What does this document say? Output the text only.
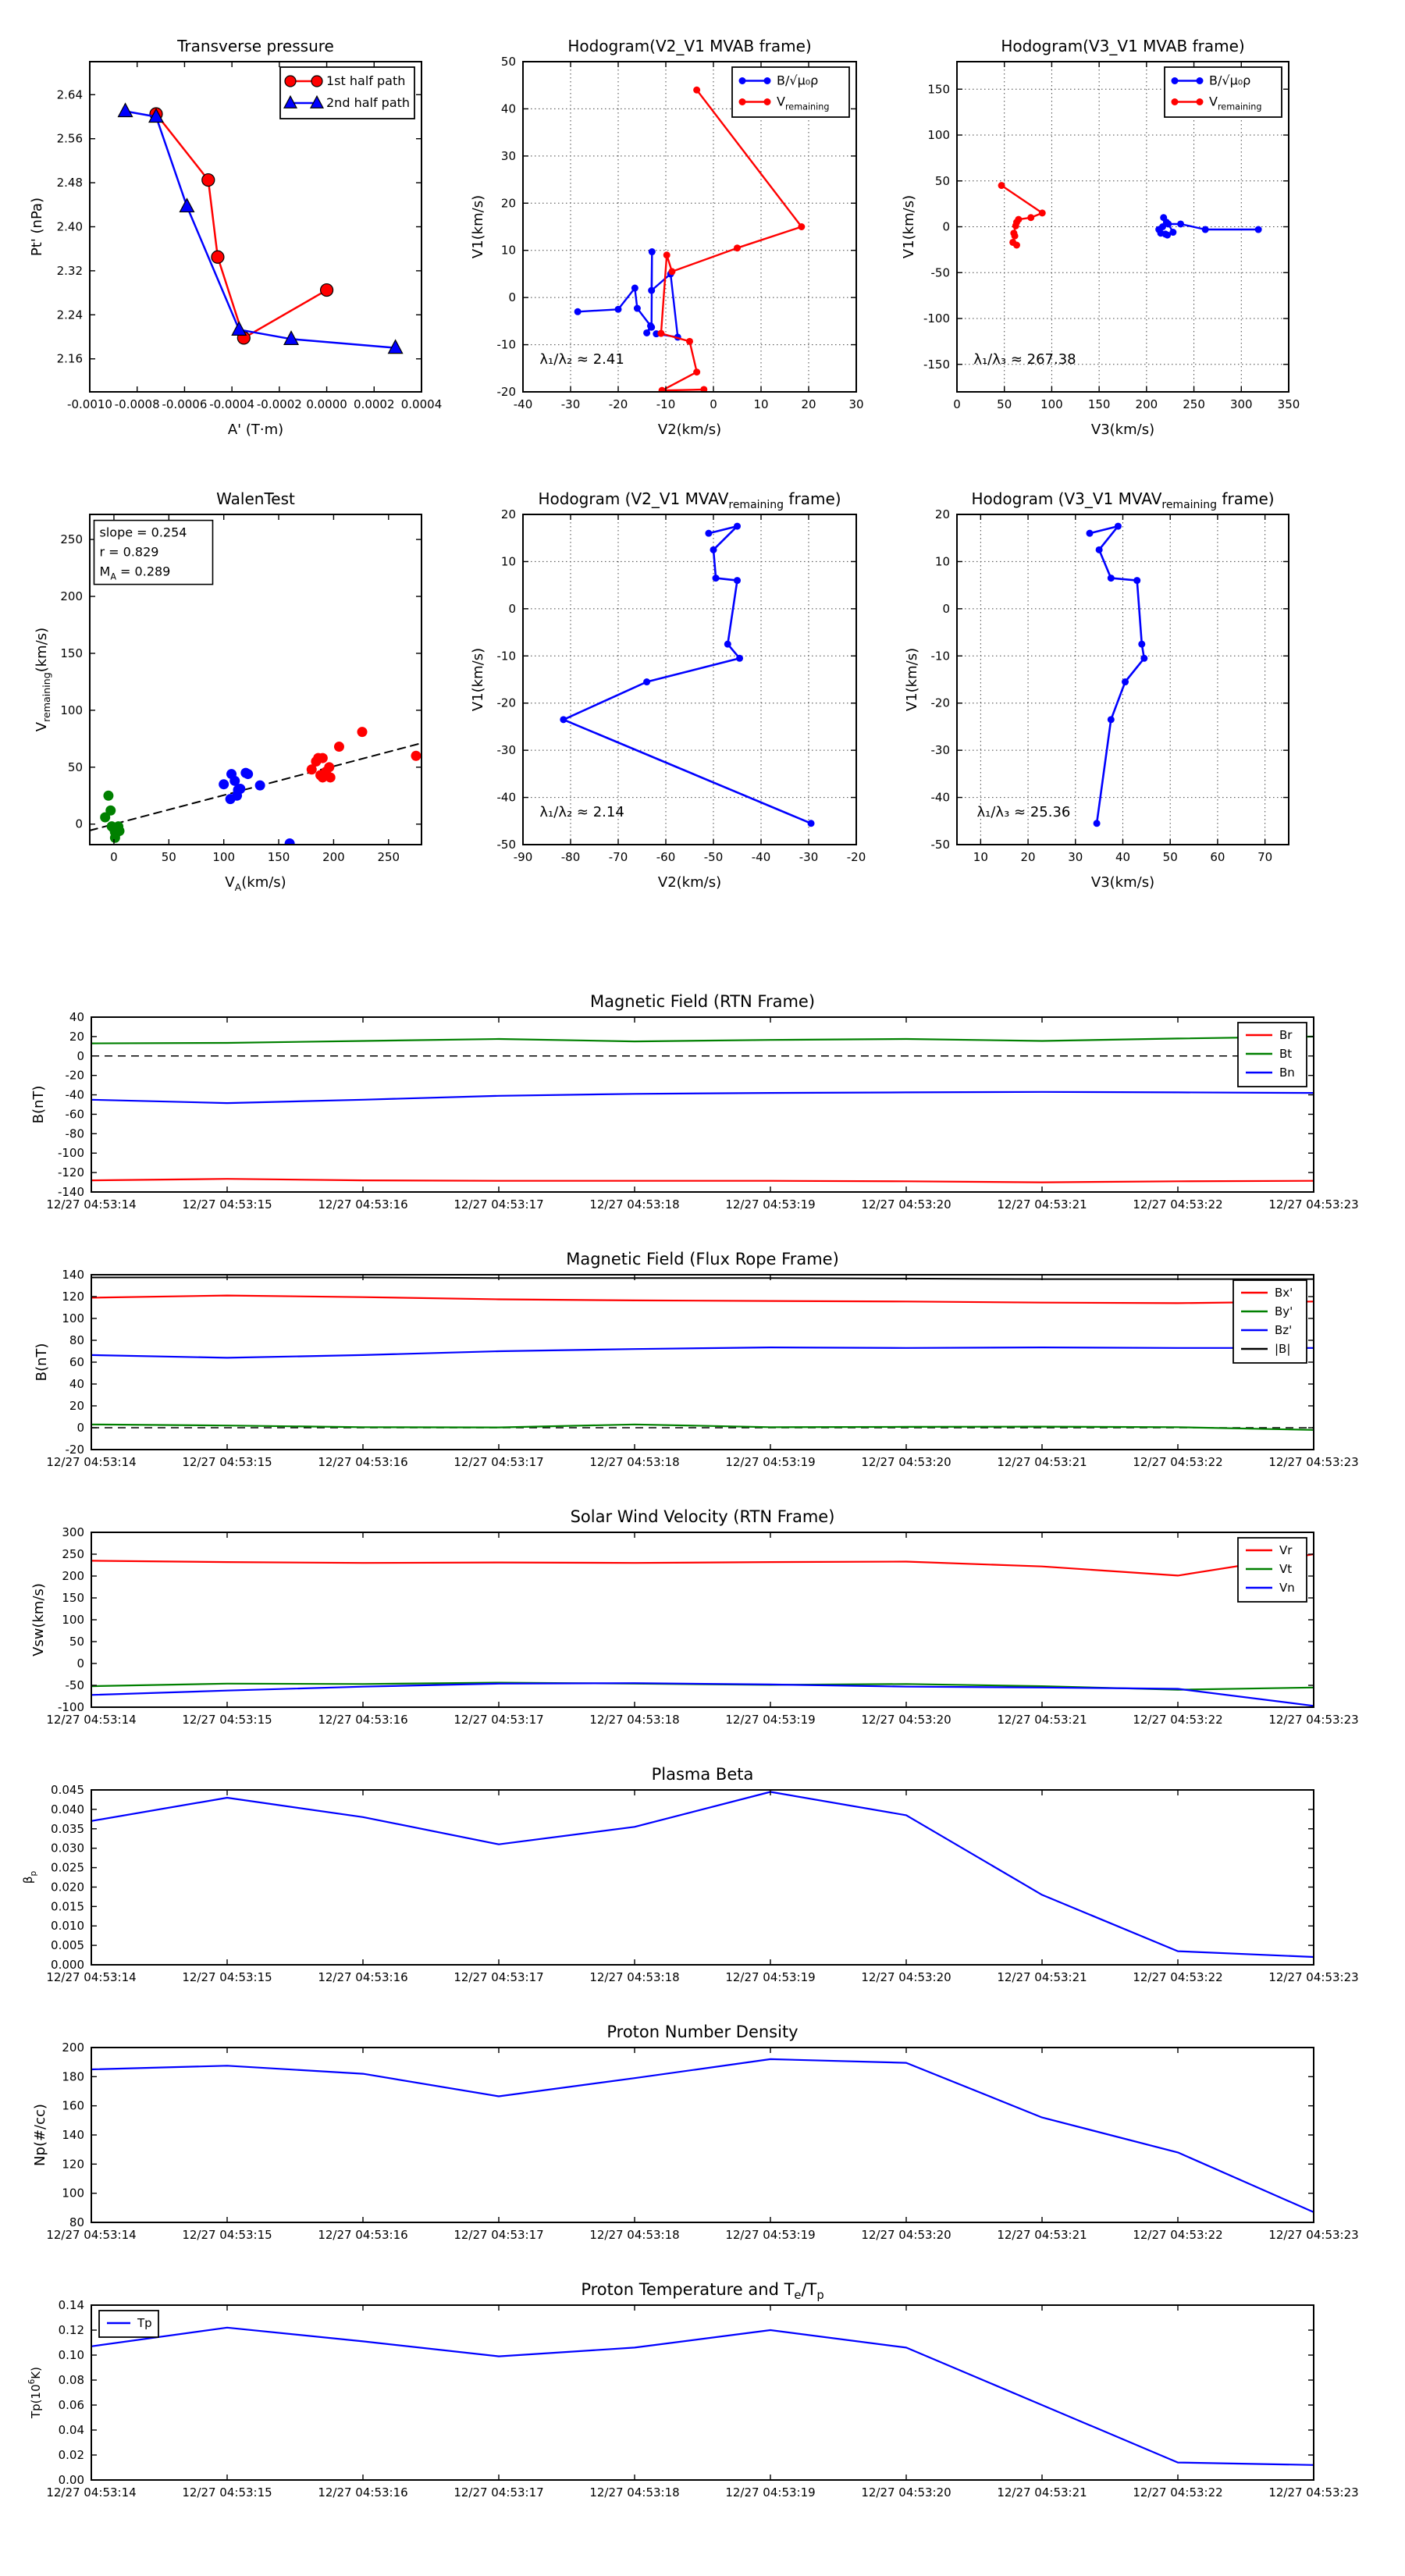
-0.0010 -0.0008 -0.0006 -0.0004 -0.0002 0.0000 0.0002 0.0004
2.16
2.24
2.32
2.40
2.48
2.56
2.64
Transverse pressure
A' (T·m)
Pt' (nPa)
1st half path
2nd half path
-40 -30 -20 -10	0	10	20	30
-20
-10
0
10
20
30
40
50
Hodogram(V2_V1 MVAB frame)
V2(km/s)
V1(km/s)
B/√μ₀ρ
$V_{remaining}$
λ₁/λ₂ ≈ 2.41
0	50 100 150 200 250 300 350
-150
-100
-50
0
50
100
150
Hodogram(V3_V1 MVAB frame)
V3(km/s)
V1(km/s)
B/√μ₀ρ
$V_{remaining}$
λ₁/λ₃ ≈ 267.38
0	50	100	150	200	250
0
50
100
150
200
250
WalenTest
$V_A(km/s)$
$V_{remaining}(km/s)$
slope = 0.254
r = 0.829
$M_A = 0.289$
-90 -80 -70 -60 -50 -40 -30 -20
-50
-40
-30
-20
-10
0
10
20
Hodogram (V2_V1 $MVAV_{remaining}$ frame)
V2(km/s)
V1(km/s)
λ₁/λ₂ ≈ 2.14
10	20	30	40	50	60	70
-50
-40
-30
-20
-10
0
10
20
Hodogram (V3_V1 $MVAV_{remaining}$ frame)
V3(km/s)
V1(km/s)
λ₁/λ₃ ≈ 25.36
12/27 04:53:14	12/27 04:53:15	12/27 04:53:16	12/27 04:53:17	12/27 04:53:18	12/27 04:53:19	12/27 04:53:20	12/27 04:53:21	12/27 04:53:22	12/27 04:53:23
-140
-120
-100
-80
-60
-40
-20
0
20
40
Magnetic Field (RTN Frame)
B(nT)
Br
Bt
Bn
12/27 04:53:14	12/27 04:53:15	12/27 04:53:16	12/27 04:53:17	12/27 04:53:18	12/27 04:53:19	12/27 04:53:20	12/27 04:53:21	12/27 04:53:22	12/27 04:53:23
-20
0
20
40
60
80
100
120
140
Magnetic Field (Flux Rope Frame)
B(nT)
Bx'
By'
Bz'
|B|
12/27 04:53:14	12/27 04:53:15	12/27 04:53:16	12/27 04:53:17	12/27 04:53:18	12/27 04:53:19	12/27 04:53:20	12/27 04:53:21	12/27 04:53:22	12/27 04:53:23
-100
-50
0
50
100
150
200
250
300
Solar Wind Velocity (RTN Frame)
Vsw(km/s)
Vr
Vt
Vn
12/27 04:53:14	12/27 04:53:15	12/27 04:53:16	12/27 04:53:17	12/27 04:53:18	12/27 04:53:19	12/27 04:53:20	12/27 04:53:21	12/27 04:53:22	12/27 04:53:23
0.000
0.005
0.010
0.015
0.020
0.025
0.030
0.035
0.040
0.045
Plasma Beta
$\beta_p$
12/27 04:53:14	12/27 04:53:15	12/27 04:53:16	12/27 04:53:17	12/27 04:53:18	12/27 04:53:19	12/27 04:53:20	12/27 04:53:21	12/27 04:53:22	12/27 04:53:23
80
100
120
140
160
180
200
Proton Number Density
Np(#/cc)
12/27 04:53:14	12/27 04:53:15	12/27 04:53:16	12/27 04:53:17	12/27 04:53:18	12/27 04:53:19	12/27 04:53:20	12/27 04:53:21	12/27 04:53:22	12/27 04:53:23
0.00
0.02
0.04
0.06
0.08
0.10
0.12
0.14
Proton Temperature and $T_e/T_p$
$Tp(10^6K)$
Tp
